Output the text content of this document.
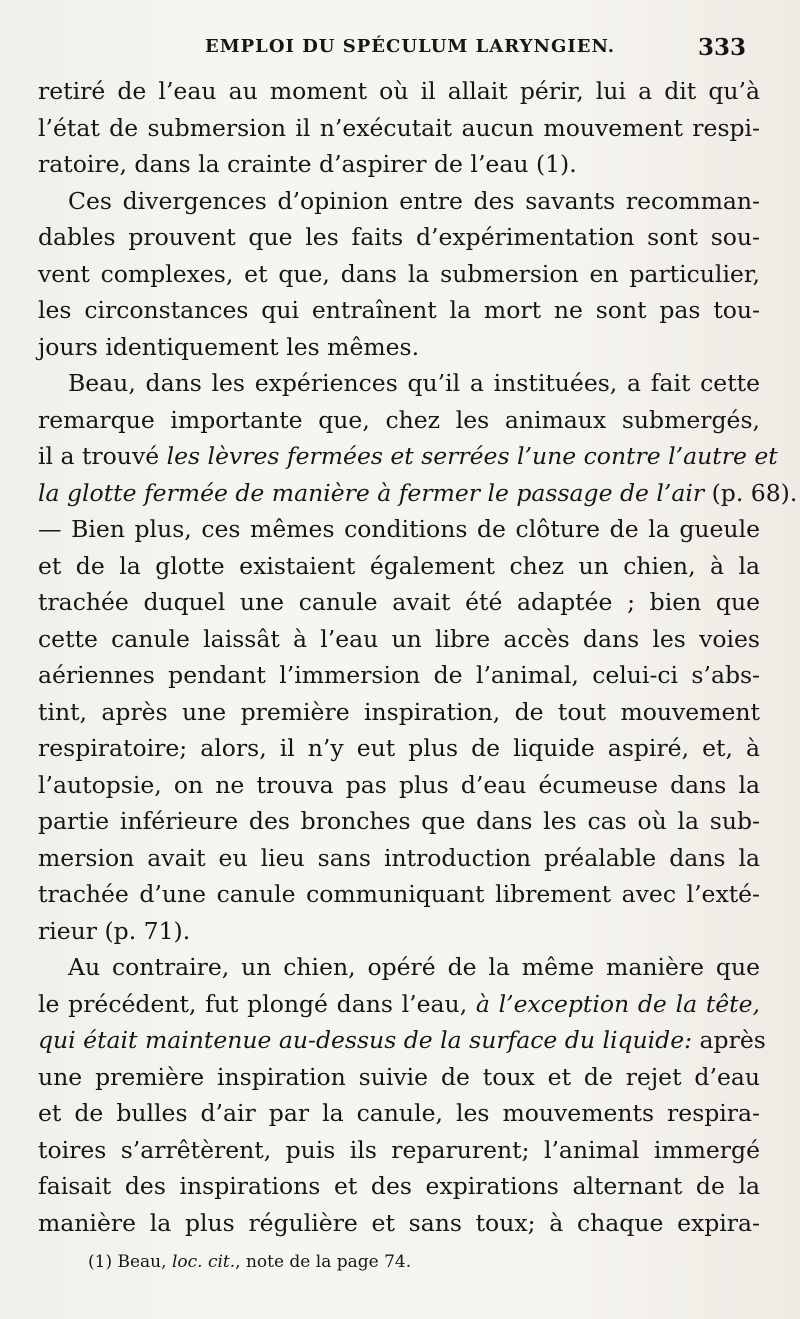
EMPLOI DU SPÉCULUM LARYNGIEN.	333
retiré de l’eau au moment où il allait périr, lui a dit qu’à
l’état de submersion il n’exécutait aucun mouvement respi-
ratoire, dans la crainte d’aspirer de l’eau (1).
Ces divergences d’opinion entre des savants recomman-
dables prouvent que les faits d’expérimentation sont sou-
vent complexes, et que, dans la submersion en particulier,
les circonstances qui entraînent la mort ne sont pas tou-
jours identiquement les mêmes.
Beau, dans les expériences qu’il a instituées, a fait cette
remarque importante que, chez les animaux submergés,
il a trouvé les lèvres fermées et serrées l’une contre l’autre et
la glotte fermée de manière à fermer le passage de l’air (p. 68).
— Bien plus, ces mêmes conditions de clôture de la gueule
et de la glotte existaient également chez un chien, à la
trachée duquel une canule avait été adaptée ; bien que
cette canule laissât à l’eau un libre accès dans les voies
aériennes pendant l’immersion de l’animal, celui-ci s’abs-
tint, après une première inspiration, de tout mouvement
respiratoire; alors, il n’y eut plus de liquide aspiré, et, à
l’autopsie, on ne trouva pas plus d’eau écumeuse dans la
partie inférieure des bronches que dans les cas où la sub-
mersion avait eu lieu sans introduction préalable dans la
trachée d’une canule communiquant librement avec l’exté-
rieur (p. 71).
Au contraire, un chien, opéré de la même manière que
le précédent, fut plongé dans l’eau, à l’exception de la tête,
qui était maintenue au-dessus de la surface du liquide: après
une première inspiration suivie de toux et de rejet d’eau
et de bulles d’air par la canule, les mouvements respira-
toires s’arrêtèrent, puis ils reparurent; l’animal immergé
faisait des inspirations et des expirations alternant de la
manière la plus régulière et sans toux; à chaque expira-
(1) Beau, loc. cit., note de la page 74.
